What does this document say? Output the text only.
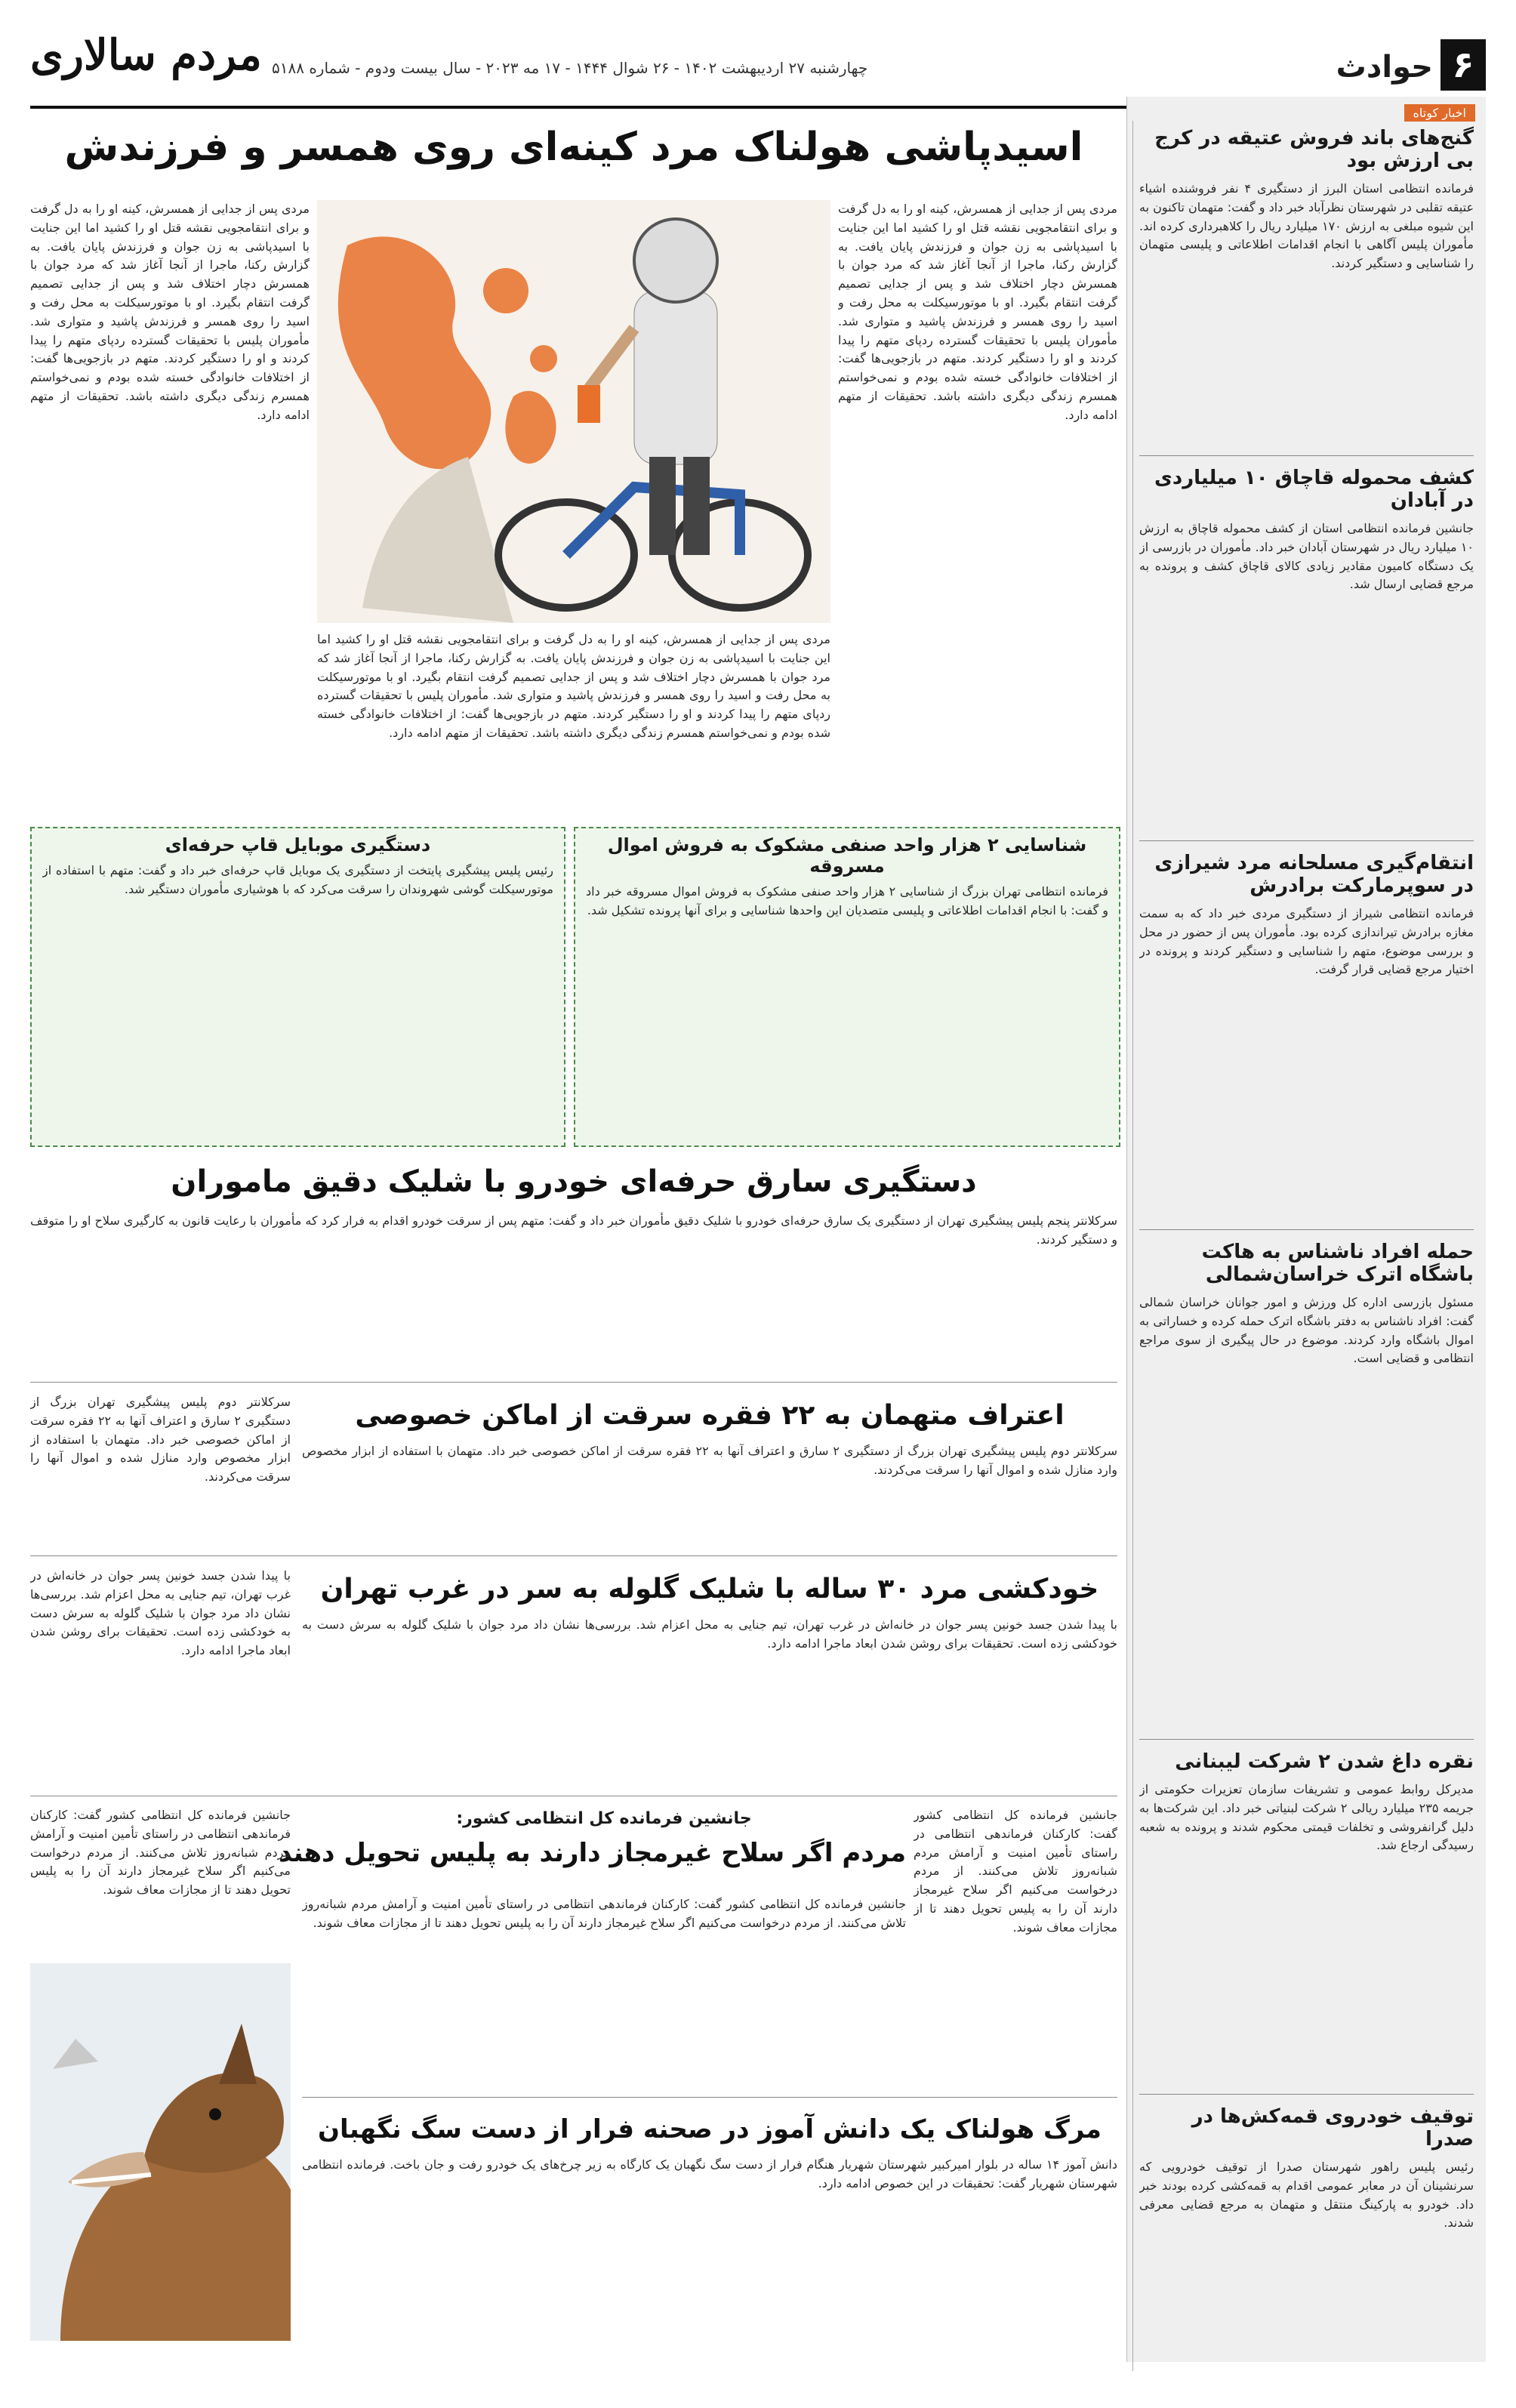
مردم سالاری چهارشنبه ۲۷ اردیبهشت ۱۴۰۲ - ۲۶ شوال ۱۴۴۴ - ۱۷ مه ۲۰۲۳ - سال بیست ودوم - شماره ۵۱۸۸	حوادث ۶
اخبار کوتاه
گنج‌های باند فروش عتیقه در کرج بی ارزش بود

فرمانده انتظامی استان البرز از دستگیری ۴ نفر فروشنده اشیاء عتیقه تقلبی در شهرستان نظرآباد خبر داد و گفت: متهمان تاکنون به این شیوه مبلغی به ارزش ۱۷۰ میلیارد ریال را کلاهبرداری کرده اند. مأموران پلیس آگاهی با انجام اقدامات اطلاعاتی و پلیسی متهمان را شناسایی و دستگیر کردند.

کشف محموله قاچاق ۱۰ میلیاردی در آبادان

جانشین فرمانده انتظامی استان از کشف محموله قاچاق به ارزش ۱۰ میلیارد ریال در شهرستان آبادان خبر داد. مأموران در بازرسی از یک دستگاه کامیون مقادیر زیادی کالای قاچاق کشف و پرونده به مرجع قضایی ارسال شد.

انتقام‌گیری مسلحانه مرد شیرازی در سوپرمارکت برادرش

فرمانده انتظامی شیراز از دستگیری مردی خبر داد که به سمت مغازه برادرش تیراندازی کرده بود. مأموران پس از حضور در محل و بررسی موضوع، متهم را شناسایی و دستگیر کردند و پرونده در اختیار مرجع قضایی قرار گرفت.

حمله افراد ناشناس به هاکت باشگاه اترک خراسان‌شمالی

مسئول بازرسی اداره کل ورزش و امور جوانان خراسان شمالی گفت: افراد ناشناس به دفتر باشگاه اترک حمله کرده و خساراتی به اموال باشگاه وارد کردند. موضوع در حال پیگیری از سوی مراجع انتظامی و قضایی است.

نقره داغ شدن ۲ شرکت لیبنانی

مدیرکل روابط عمومی و تشریفات سازمان تعزیرات حکومتی از جریمه ۲۳۵ میلیارد ریالی ۲ شرکت لبنیاتی خبر داد. این شرکت‌ها به دلیل گرانفروشی و تخلفات قیمتی محکوم شدند و پرونده به شعبه رسیدگی ارجاع شد.

توقیف خودروی قمه‌کش‌ها در صدرا

رئیس پلیس راهور شهرستان صدرا از توقیف خودرویی که سرنشینان آن در معابر عمومی اقدام به قمه‌کشی کرده بودند خبر داد. خودرو به پارکینگ منتقل و متهمان به مرجع قضایی معرفی شدند.

اسیدپاشی هولناک مرد کینه‌ای روی همسر و فرزندش

مردی پس از جدایی از همسرش، کینه او را به دل گرفت و برای انتقامجویی نقشه قتل او را کشید اما این جنایت با اسیدپاشی به زن جوان و فرزندش پایان یافت. به گزارش رکنا، ماجرا از آنجا آغاز شد که مرد جوان با همسرش دچار اختلاف شد و پس از جدایی تصمیم گرفت انتقام بگیرد. او با موتورسیکلت به محل رفت و اسید را روی همسر و فرزندش پاشید و متواری شد. مأموران پلیس با تحقیقات گسترده ردپای متهم را پیدا کردند و او را دستگیر کردند. متهم در بازجویی‌ها گفت: از اختلافات خانوادگی خسته شده بودم و نمی‌خواستم همسرم زندگی دیگری داشته باشد. تحقیقات از متهم ادامه دارد.

مردی پس از جدایی از همسرش، کینه او را به دل گرفت و برای انتقامجویی نقشه قتل او را کشید اما این جنایت با اسیدپاشی به زن جوان و فرزندش پایان یافت. به گزارش رکنا، ماجرا از آنجا آغاز شد که مرد جوان با همسرش دچار اختلاف شد و پس از جدایی تصمیم گرفت انتقام بگیرد. او با موتورسیکلت به محل رفت و اسید را روی همسر و فرزندش پاشید و متواری شد. مأموران پلیس با تحقیقات گسترده ردپای متهم را پیدا کردند و او را دستگیر کردند. متهم در بازجویی‌ها گفت: از اختلافات خانوادگی خسته شده بودم و نمی‌خواستم همسرم زندگی دیگری داشته باشد. تحقیقات از متهم ادامه دارد.

مردی پس از جدایی از همسرش، کینه او را به دل گرفت و برای انتقامجویی نقشه قتل او را کشید اما این جنایت با اسیدپاشی به زن جوان و فرزندش پایان یافت. به گزارش رکنا، ماجرا از آنجا آغاز شد که مرد جوان با همسرش دچار اختلاف شد و پس از جدایی تصمیم گرفت انتقام بگیرد. او با موتورسیکلت به محل رفت و اسید را روی همسر و فرزندش پاشید و متواری شد. مأموران پلیس با تحقیقات گسترده ردپای متهم را پیدا کردند و او را دستگیر کردند. متهم در بازجویی‌ها گفت: از اختلافات خانوادگی خسته شده بودم و نمی‌خواستم همسرم زندگی دیگری داشته باشد. تحقیقات از متهم ادامه دارد.

شناسایی ۲ هزار واحد صنفی مشکوک به فروش اموال مسروقه

فرمانده انتظامی تهران بزرگ از شناسایی ۲ هزار واحد صنفی مشکوک به فروش اموال مسروقه خبر داد و گفت: با انجام اقدامات اطلاعاتی و پلیسی متصدیان این واحدها شناسایی و برای آنها پرونده تشکیل شد.

دستگیری موبایل قاپ حرفه‌ای

رئیس پلیس پیشگیری پایتخت از دستگیری یک موبایل قاپ حرفه‌ای خبر داد و گفت: متهم با استفاده از موتورسیکلت گوشی شهروندان را سرقت می‌کرد که با هوشیاری مأموران دستگیر شد.

دستگیری سارق حرفه‌ای خودرو با شلیک دقیق ماموران

سرکلانتر پنجم پلیس پیشگیری تهران از دستگیری یک سارق حرفه‌ای خودرو با شلیک دقیق مأموران خبر داد و گفت: متهم پس از سرقت خودرو اقدام به فرار کرد که مأموران با رعایت قانون به کارگیری سلاح او را متوقف و دستگیر کردند.

اعتراف متهمان به ۲۲ فقره سرقت از اماکن خصوصی

سرکلانتر دوم پلیس پیشگیری تهران بزرگ از دستگیری ۲ سارق و اعتراف آنها به ۲۲ فقره سرقت از اماکن خصوصی خبر داد. متهمان با استفاده از ابزار مخصوص وارد منازل شده و اموال آنها را سرقت می‌کردند.

سرکلانتر دوم پلیس پیشگیری تهران بزرگ از دستگیری ۲ سارق و اعتراف آنها به ۲۲ فقره سرقت از اماکن خصوصی خبر داد. متهمان با استفاده از ابزار مخصوص وارد منازل شده و اموال آنها را سرقت می‌کردند.

خودکشی مرد ۳۰ ساله با شلیک گلوله به سر در غرب تهران

با پیدا شدن جسد خونین پسر جوان در خانه‌اش در غرب تهران، تیم جنایی به محل اعزام شد. بررسی‌ها نشان داد مرد جوان با شلیک گلوله به سرش دست به خودکشی زده است. تحقیقات برای روشن شدن ابعاد ماجرا ادامه دارد.

با پیدا شدن جسد خونین پسر جوان در خانه‌اش در غرب تهران، تیم جنایی به محل اعزام شد. بررسی‌ها نشان داد مرد جوان با شلیک گلوله به سرش دست به خودکشی زده است. تحقیقات برای روشن شدن ابعاد ماجرا ادامه دارد.

جانشین فرمانده کل انتظامی کشور:
مردم اگر سلاح غیرمجاز دارند به پلیس تحویل دهند

جانشین فرمانده کل انتظامی کشور گفت: کارکنان فرماندهی انتظامی در راستای تأمین امنیت و آرامش مردم شبانه‌روز تلاش می‌کنند. از مردم درخواست می‌کنیم اگر سلاح غیرمجاز دارند آن را به پلیس تحویل دهند تا از مجازات معاف شوند.

جانشین فرمانده کل انتظامی کشور گفت: کارکنان فرماندهی انتظامی در راستای تأمین امنیت و آرامش مردم شبانه‌روز تلاش می‌کنند. از مردم درخواست می‌کنیم اگر سلاح غیرمجاز دارند آن را به پلیس تحویل دهند تا از مجازات معاف شوند.

جانشین فرمانده کل انتظامی کشور گفت: کارکنان فرماندهی انتظامی در راستای تأمین امنیت و آرامش مردم شبانه‌روز تلاش می‌کنند. از مردم درخواست می‌کنیم اگر سلاح غیرمجاز دارند آن را به پلیس تحویل دهند تا از مجازات معاف شوند.

مرگ هولناک یک دانش آموز در صحنه فرار از دست سگ نگهبان

دانش آموز ۱۴ ساله در بلوار امیرکبیر شهرستان شهریار هنگام فرار از دست سگ نگهبان یک کارگاه به زیر چرخ‌های یک خودرو رفت و جان باخت. فرمانده انتظامی شهرستان شهریار گفت: تحقیقات در این خصوص ادامه دارد.
